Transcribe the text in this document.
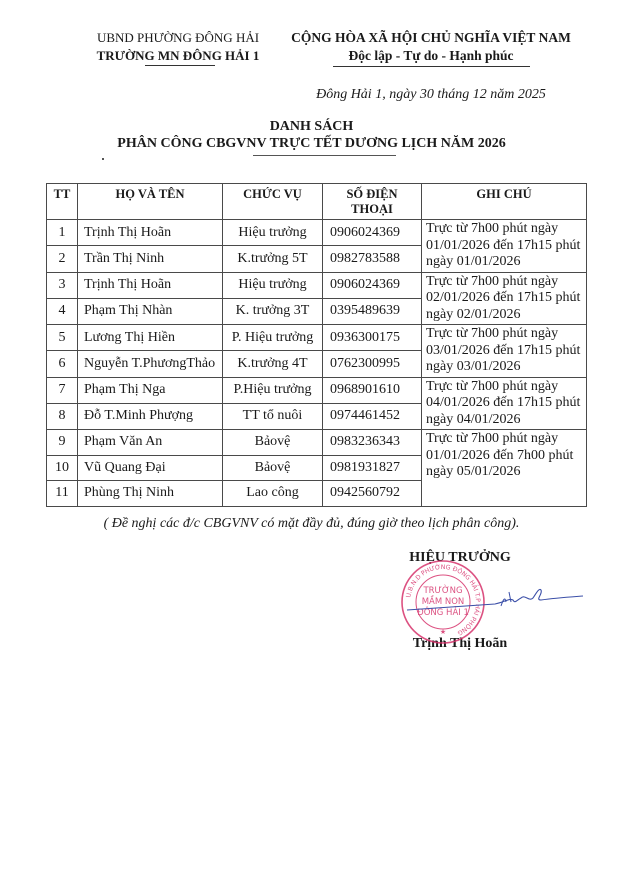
UBND PHƯỜNG ĐÔNG HẢI
TRƯỜNG MN ĐÔNG HẢI 1
CỘNG HÒA XÃ HỘI CHỦ NGHĨA VIỆT NAM
Độc lập - Tự do - Hạnh phúc
Đông Hải 1, ngày 30 tháng 12 năm 2025
DANH SÁCH
PHÂN CÔNG CBGVNV TRỰC TẾT DƯƠNG LỊCH NĂM 2026
TT	HỌ VÀ TÊN	CHỨC VỤ	SỐ ĐIỆN THOẠI	GHI CHÚ
1	Trịnh Thị Hoãn	Hiệu trưởng	0906024369	Trực từ 7h00 phút ngày 01/01/2026 đến 17h15 phút ngày 01/01/2026
2	Trần Thị Ninh	K.trưởng 5T	0982783588	
3	Trịnh Thị Hoãn	Hiệu trưởng	0906024369	Trực từ 7h00 phút ngày 02/01/2026 đến 17h15 phút ngày 02/01/2026
4	Phạm Thị Nhàn	K. trưởng 3T	0395489639	
5	Lương Thị Hiền	P. Hiệu trưởng	0936300175	Trực từ 7h00 phút ngày 03/01/2026 đến 17h15 phút ngày 03/01/2026
6	Nguyễn T.PhươngThảo	K.trưởng 4T	0762300995	
7	Phạm Thị Nga	P.Hiệu trưởng	0968901610	Trực từ 7h00 phút ngày 04/01/2026 đến 17h15 phút ngày 04/01/2026
8	Đỗ T.Minh Phượng	TT tổ nuôi	0974461452	
9	Phạm Văn An	Bảovệ	0983236343	Trực từ 7h00 phút ngày 01/01/2026 đến 7h00 phút ngày 05/01/2026
10	Vũ Quang Đại	Bảovệ	0981931827	
11	Phùng Thị Ninh	Lao công	0942560792	
( Đề nghị các đ/c CBGVNV có mặt đầy đủ, đúng giờ theo lịch phân công).
HIỆU TRƯỞNG
U.B.N.D PHƯỜNG ĐÔNG HẢI T.P HẢI PHÒNG
TRƯỜNG
MẦM NON
ĐÔNG HẢI 1
★
Trịnh Thị Hoãn
